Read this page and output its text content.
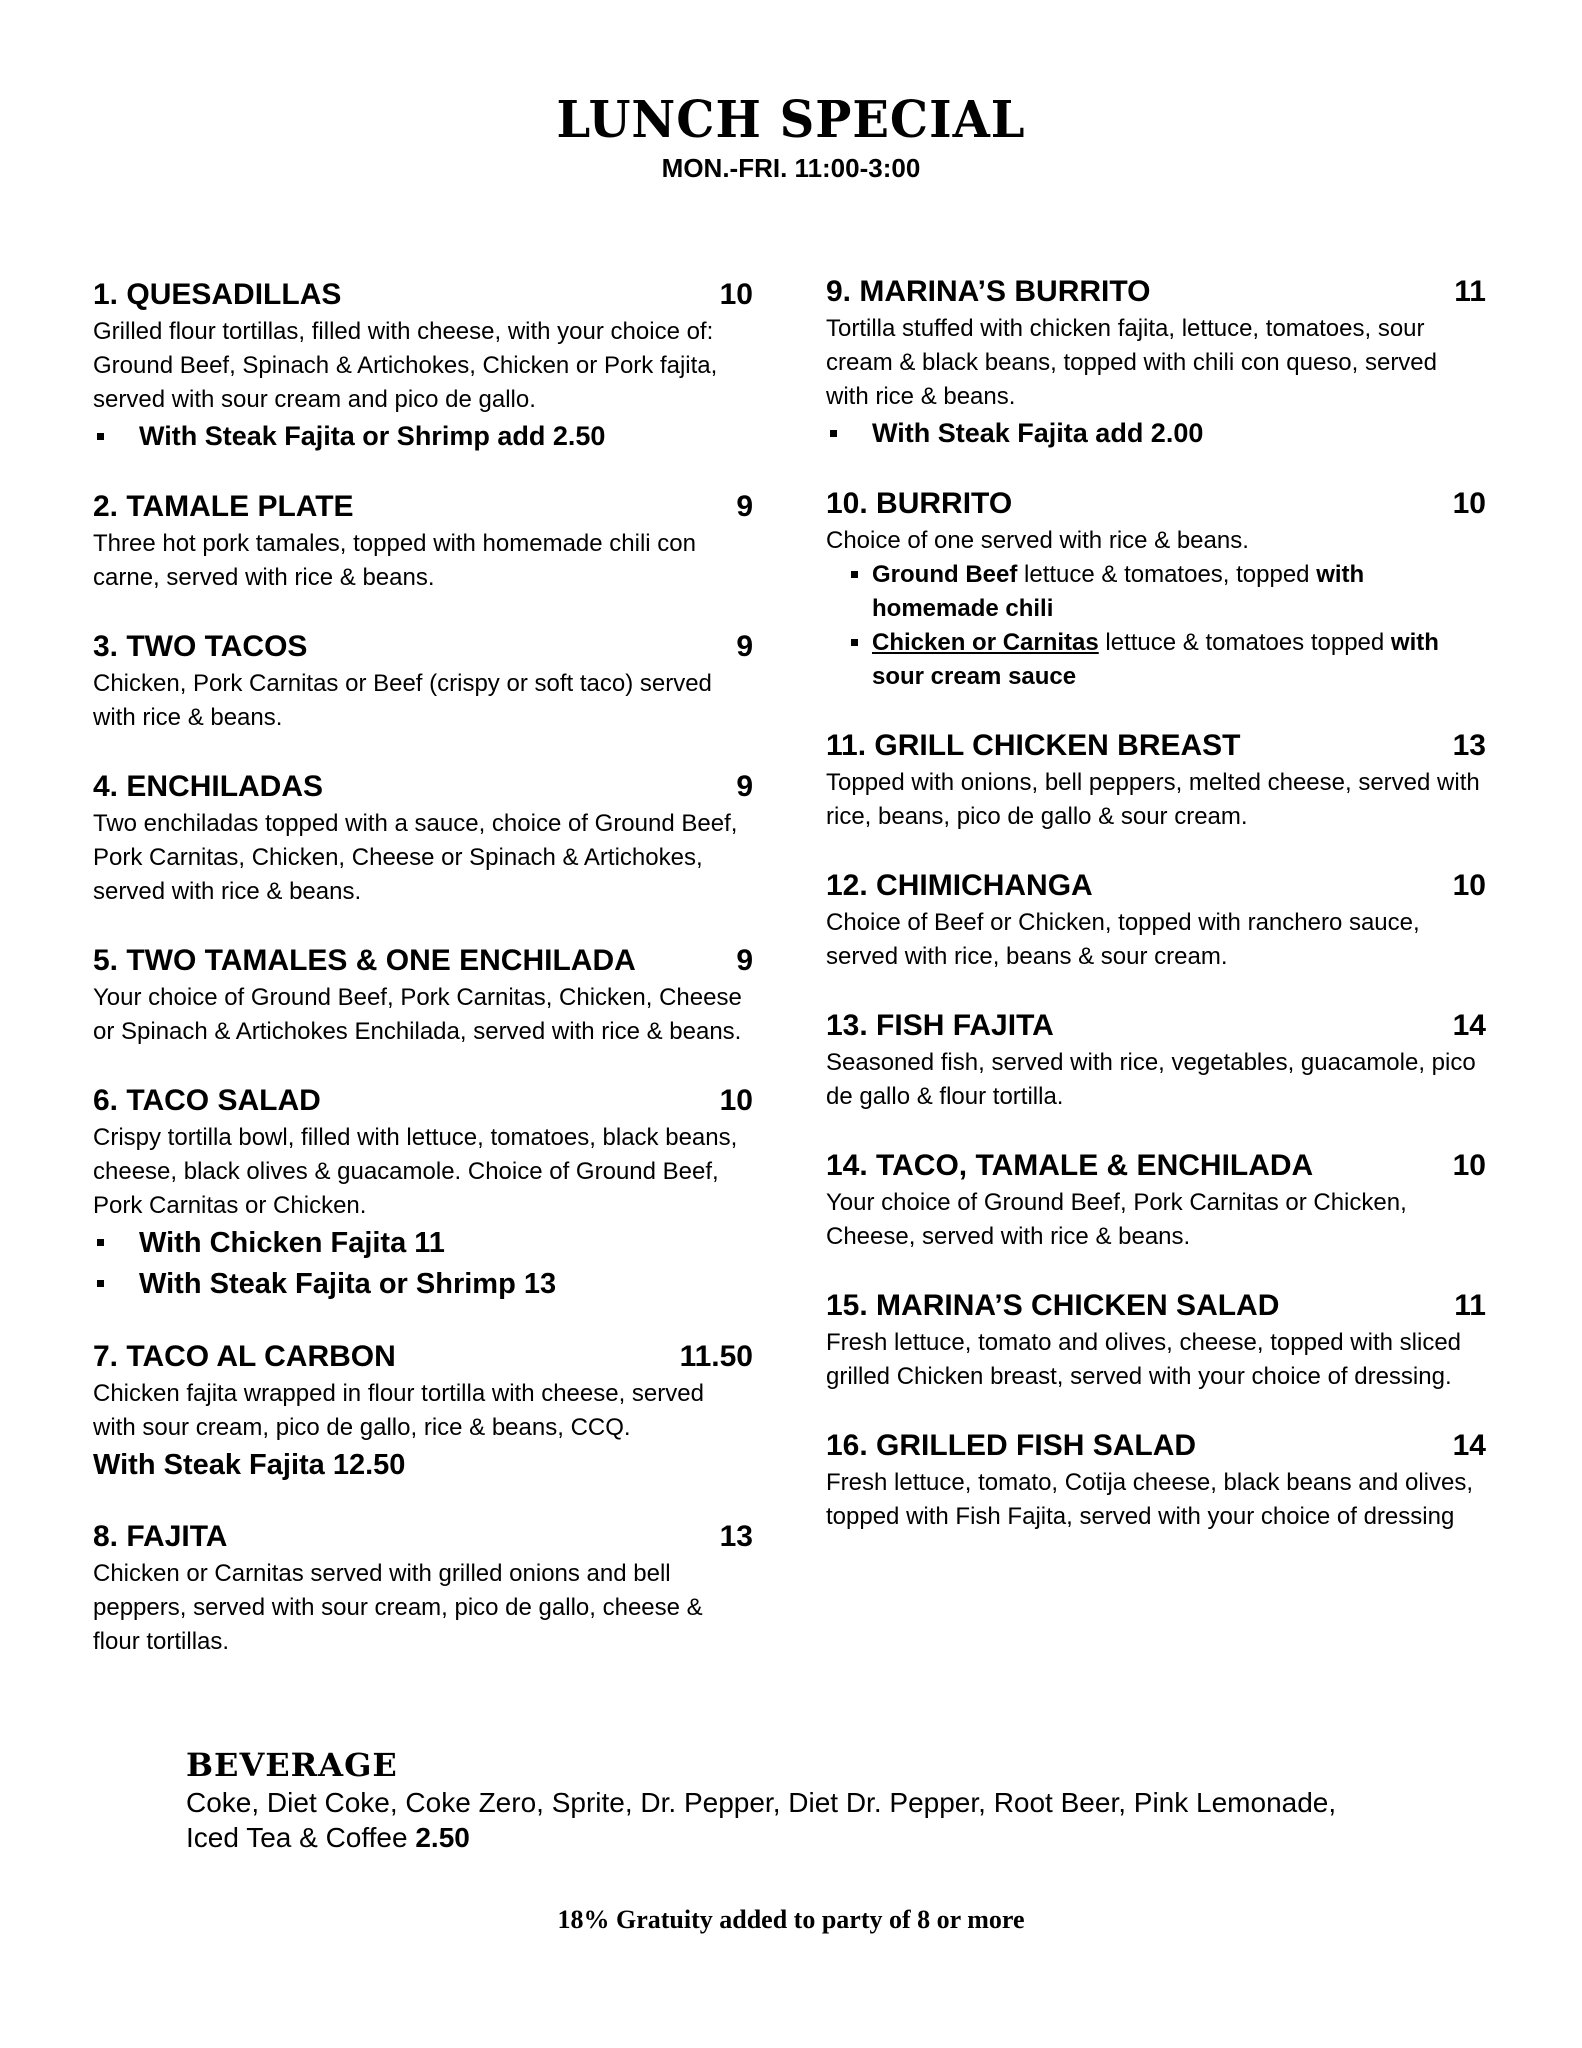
LUNCH SPECIAL
MON.-FRI. 11:00-3:00
1. QUESADILLAS	10
Grilled flour tortillas, filled with cheese, with your choice of: Ground Beef, Spinach & Artichokes, Chicken or Pork fajita, served with sour cream and pico de gallo.
With Steak Fajita or Shrimp add 2.50
2. TAMALE PLATE	9
Three hot pork tamales, topped with homemade chili con carne, served with rice & beans.
3. TWO TACOS	9
Chicken, Pork Carnitas or Beef (crispy or soft taco) served with rice & beans.
4. ENCHILADAS	9
Two enchiladas topped with a sauce, choice of Ground Beef, Pork Carnitas, Chicken, Cheese or Spinach & Artichokes, served with rice & beans.
5. TWO TAMALES & ONE ENCHILADA	9
Your choice of Ground Beef, Pork Carnitas, Chicken, Cheese or Spinach & Artichokes Enchilada, served with rice & beans.
6. TACO SALAD	10
Crispy tortilla bowl, filled with lettuce, tomatoes, black beans, cheese, black olives & guacamole. Choice of Ground Beef, Pork Carnitas or Chicken.
With Chicken Fajita 11
With Steak Fajita or Shrimp 13
7. TACO AL CARBON	11.50
Chicken fajita wrapped in flour tortilla with cheese, served with sour cream, pico de gallo, rice & beans, CCQ.
With Steak Fajita 12.50
8. FAJITA	13
Chicken or Carnitas served with grilled onions and bell peppers, served with sour cream, pico de gallo, cheese & flour tortillas.
9. MARINA’S BURRITO	11
Tortilla stuffed with chicken fajita, lettuce, tomatoes, sour cream & black beans, topped with chili con queso, served with rice & beans.
With Steak Fajita add 2.00
10. BURRITO	10
Choice of one served with rice & beans.
Ground Beef lettuce & tomatoes, topped with homemade chili
Chicken or Carnitas lettuce & tomatoes topped with sour cream sauce
11. GRILL CHICKEN BREAST	13
Topped with onions, bell peppers, melted cheese, served with rice, beans, pico de gallo & sour cream.
12. CHIMICHANGA	10
Choice of Beef or Chicken, topped with ranchero sauce, served with rice, beans & sour cream.
13. FISH FAJITA	14
Seasoned fish, served with rice, vegetables, guacamole, pico de gallo & flour tortilla.
14. TACO, TAMALE & ENCHILADA	10
Your choice of Ground Beef, Pork Carnitas or Chicken, Cheese, served with rice & beans.
15. MARINA’S CHICKEN SALAD	11
Fresh lettuce, tomato and olives, cheese, topped with sliced grilled Chicken breast, served with your choice of dressing.
16. GRILLED FISH SALAD	14
Fresh lettuce, tomato, Cotija cheese, black beans and olives, topped with Fish Fajita, served with your choice of dressing
BEVERAGE
Coke, Diet Coke, Coke Zero, Sprite, Dr. Pepper, Diet Dr. Pepper, Root Beer, Pink Lemonade, Iced Tea & Coffee 2.50
18% Gratuity added to party of 8 or more
